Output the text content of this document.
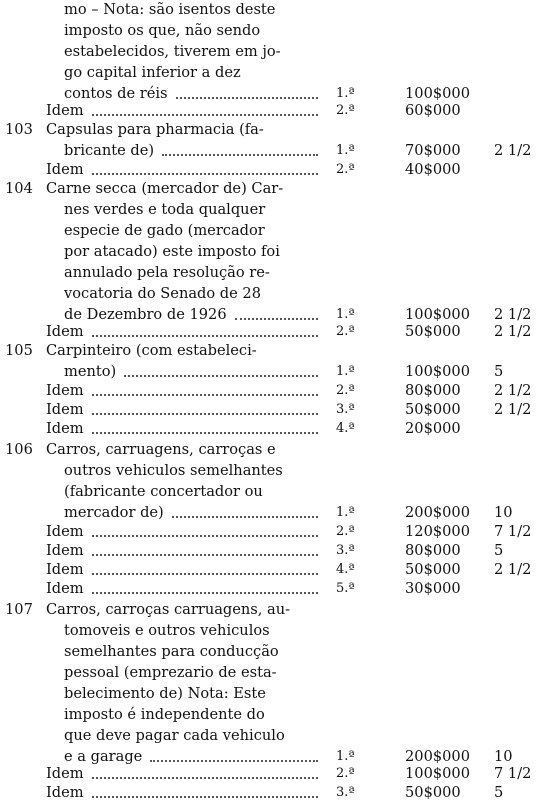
mo – Nota: são isentos deste
imposto os que, não sendo
estabelecidos, tiverem em jo-
go capital inferior a dez
contos de réis	1.ª	100$000
Idem	2.ª	60$000
103 Capsulas para pharmacia (fa-
bricante de)	1.ª	70$000 2 1/2
Idem	2.ª	40$000
104 Carne secca (mercador de) Car-
nes verdes e toda qualquer
especie de gado (mercador
por atacado) este imposto foi
annulado pela resolução re-
vocatoria do Senado de 28
de Dezembro de 1926	1.ª	100$000 2 1/2
Idem	2.ª	50$000 2 1/2
105 Carpinteiro (com estabeleci-
mento)	1.ª	100$000 5
Idem	2.ª	80$000 2 1/2
Idem	3.ª	50$000 2 1/2
Idem	4.ª	20$000
106 Carros, carruagens, carroças e
outros vehiculos semelhantes
(fabricante concertador ou
mercador de)	1.ª	200$000 10
Idem	2.ª	120$000 7 1/2
Idem	3.ª	80$000 5
Idem	4.ª	50$000 2 1/2
Idem	5.ª	30$000
107 Carros, carroças carruagens, au-
tomoveis e outros vehiculos
semelhantes para conducção
pessoal (emprezario de esta-
belecimento de) Nota: Este
imposto é independente do
que deve pagar cada vehiculo
e a garage	1.ª	200$000 10
Idem	2.ª	100$000 7 1/2
Idem	3.ª	50$000 5
